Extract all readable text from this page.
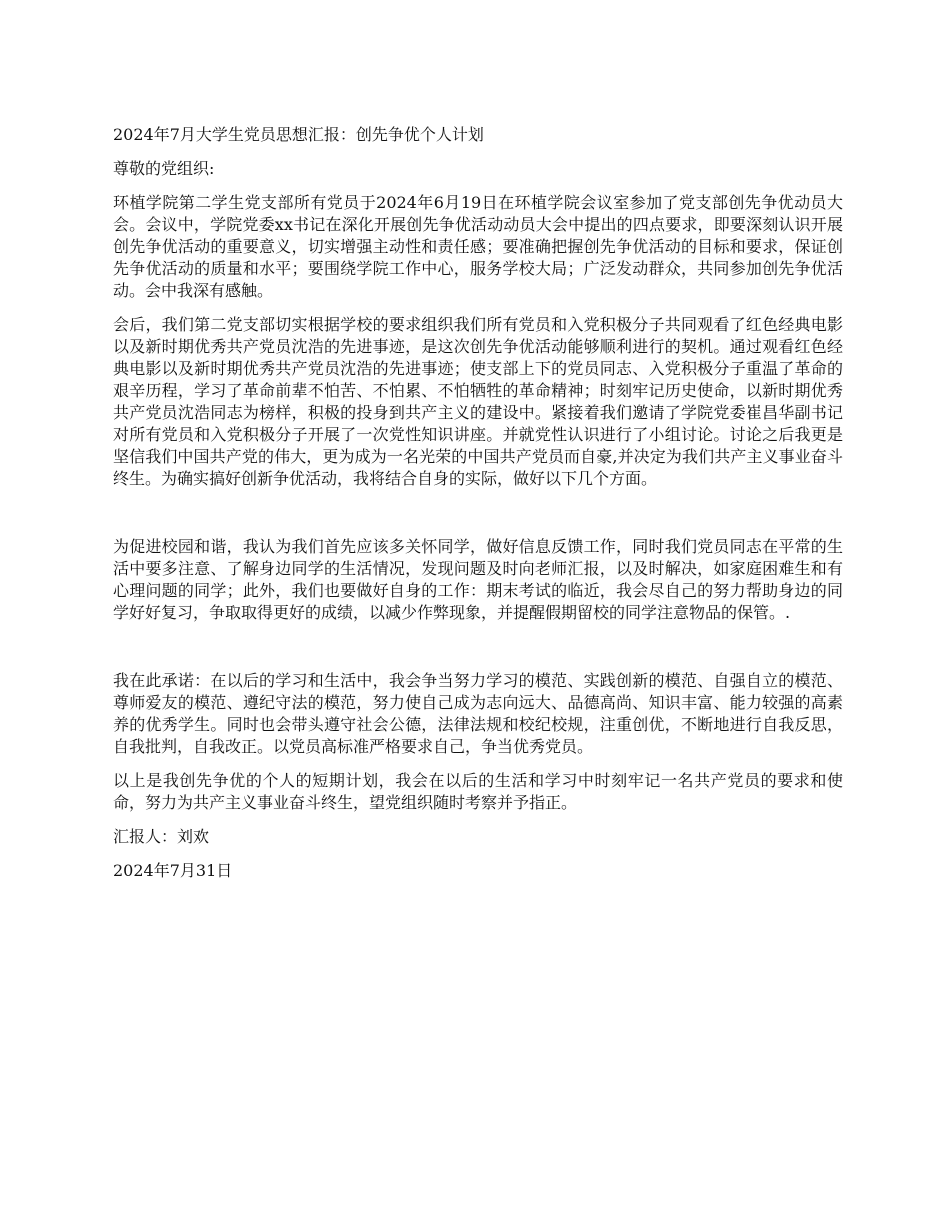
2024年7月大学生党员思想汇报：创先争优个人计划
尊敬的党组织:
环植学院第二学生党支部所有党员于2024年6月19日在环植学院会议室参加了党支部创先争优动员大会。会议中，学院党委xx书记在深化开展创先争优活动动员大会中提出的四点要求，即要深刻认识开展创先争优活动的重要意义，切实增强主动性和责任感；要准确把握创先争优活动的目标和要求，保证创先争优活动的质量和水平；要围绕学院工作中心，服务学校大局；广泛发动群众，共同参加创先争优活动。会中我深有感触。
会后，我们第二党支部切实根据学校的要求组织我们所有党员和入党积极分子共同观看了红色经典电影以及新时期优秀共产党员沈浩的先进事迹，是这次创先争优活动能够顺利进行的契机。通过观看红色经典电影以及新时期优秀共产党员沈浩的先进事迹；使支部上下的党员同志、入党积极分子重温了革命的艰辛历程，学习了革命前辈不怕苦、不怕累、不怕牺牲的革命精神；时刻牢记历史使命，以新时期优秀共产党员沈浩同志为榜样，积极的投身到共产主义的建设中。紧接着我们邀请了学院党委崔昌华副书记对所有党员和入党积极分子开展了一次党性知识讲座。并就党性认识进行了小组讨论。讨论之后我更是坚信我们中国共产党的伟大，更为成为一名光荣的中国共产党员而自豪,并决定为我们共产主义事业奋斗终生。为确实搞好创新争优活动，我将结合自身的实际，做好以下几个方面。
为促进校园和谐，我认为我们首先应该多关怀同学，做好信息反馈工作，同时我们党员同志在平常的生活中要多注意、了解身边同学的生活情况，发现问题及时向老师汇报，以及时解决，如家庭困难生和有心理问题的同学；此外，我们也要做好自身的工作：期末考试的临近，我会尽自己的努力帮助身边的同学好好复习，争取取得更好的成绩，以减少作弊现象，并提醒假期留校的同学注意物品的保管。.
我在此承诺：在以后的学习和生活中，我会争当努力学习的模范、实践创新的模范、自强自立的模范、尊师爱友的模范、遵纪守法的模范，努力使自己成为志向远大、品德高尚、知识丰富、能力较强的高素养的优秀学生。同时也会带头遵守社会公德，法律法规和校纪校规，注重创优，不断地进行自我反思，自我批判，自我改正。以党员高标准严格要求自己，争当优秀党员。
以上是我创先争优的个人的短期计划，我会在以后的生活和学习中时刻牢记一名共产党员的要求和使命，努力为共产主义事业奋斗终生，望党组织随时考察并予指正。
汇报人：刘欢
2024年7月31日
